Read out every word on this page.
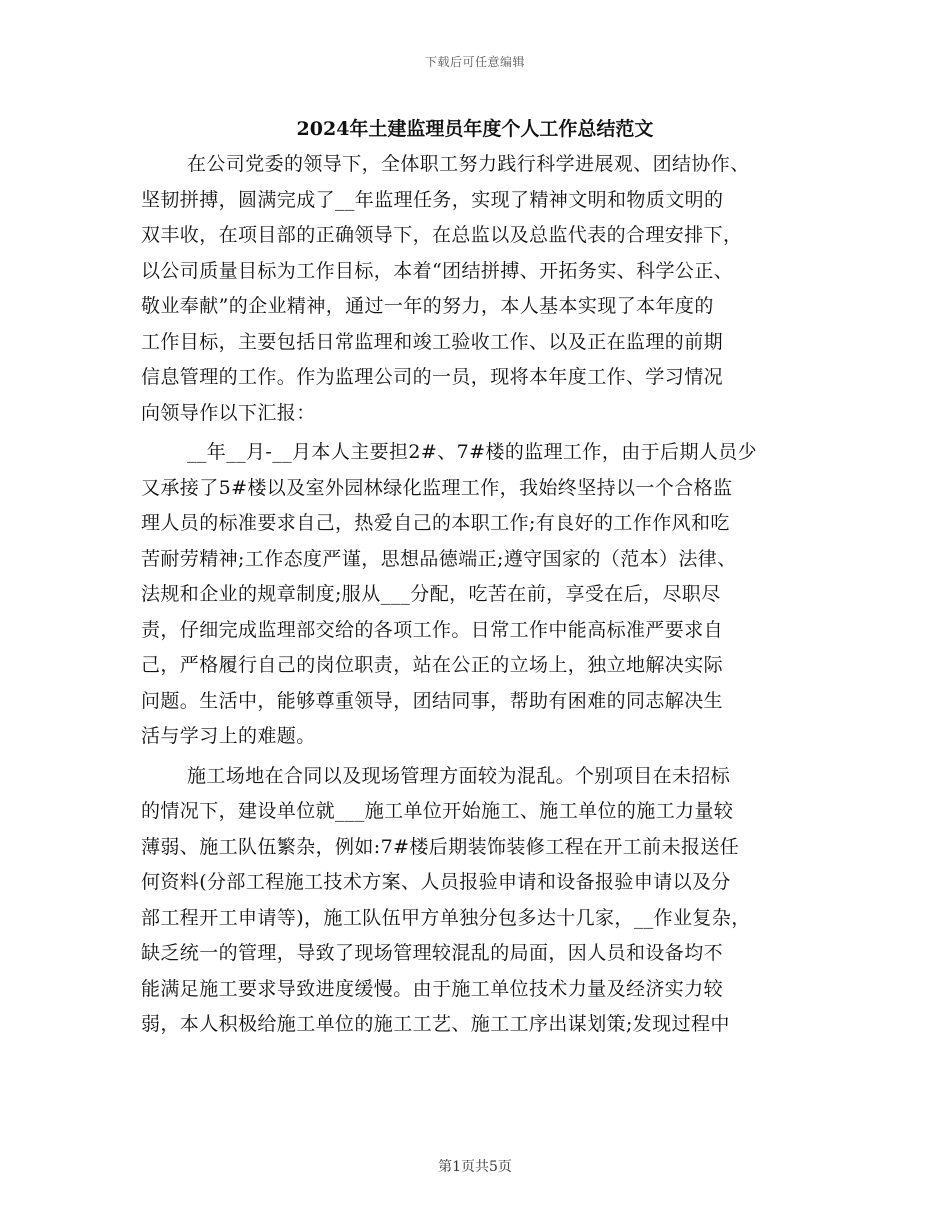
下载后可任意编辑
2024年土建监理员年度个人工作总结范文
在公司党委的领导下，全体职工努力践行科学进展观、团结协作、
坚韧拼搏，圆满完成了__年监理任务，实现了精神文明和物质文明的
双丰收，在项目部的正确领导下，在总监以及总监代表的合理安排下，
以公司质量目标为工作目标，本着“团结拼搏、开拓务实、科学公正、
敬业奉献”的企业精神，通过一年的努力，本人基本实现了本年度的
工作目标，主要包括日常监理和竣工验收工作、以及正在监理的前期
信息管理的工作。作为监理公司的一员，现将本年度工作、学习情况
向领导作以下汇报：
__年__月-__月本人主要担2#、7#楼的监理工作，由于后期人员少
又承接了5#楼以及室外园林绿化监理工作，我始终坚持以一个合格监
理人员的标准要求自己，热爱自己的本职工作;有良好的工作作风和吃
苦耐劳精神;工作态度严谨，思想品德端正;遵守国家的（范本）法律、
法规和企业的规章制度;服从___分配，吃苦在前，享受在后，尽职尽
责，仔细完成监理部交给的各项工作。日常工作中能高标准严要求自
己，严格履行自己的岗位职责，站在公正的立场上，独立地解决实际
问题。生活中，能够尊重领导，团结同事，帮助有困难的同志解决生
活与学习上的难题。
施工场地在合同以及现场管理方面较为混乱。个别项目在未招标
的情况下，建设单位就___施工单位开始施工、施工单位的施工力量较
薄弱、施工队伍繁杂，例如:7#楼后期装饰装修工程在开工前未报送任
何资料(分部工程施工技术方案、人员报验申请和设备报验申请以及分
部工程开工申请等)，施工队伍甲方单独分包多达十几家，__作业复杂，
缺乏统一的管理，导致了现场管理较混乱的局面，因人员和设备均不
能满足施工要求导致进度缓慢。由于施工单位技术力量及经济实力较
弱，本人积极给施工单位的施工工艺、施工工序出谋划策;发现过程中
第1页共5页
